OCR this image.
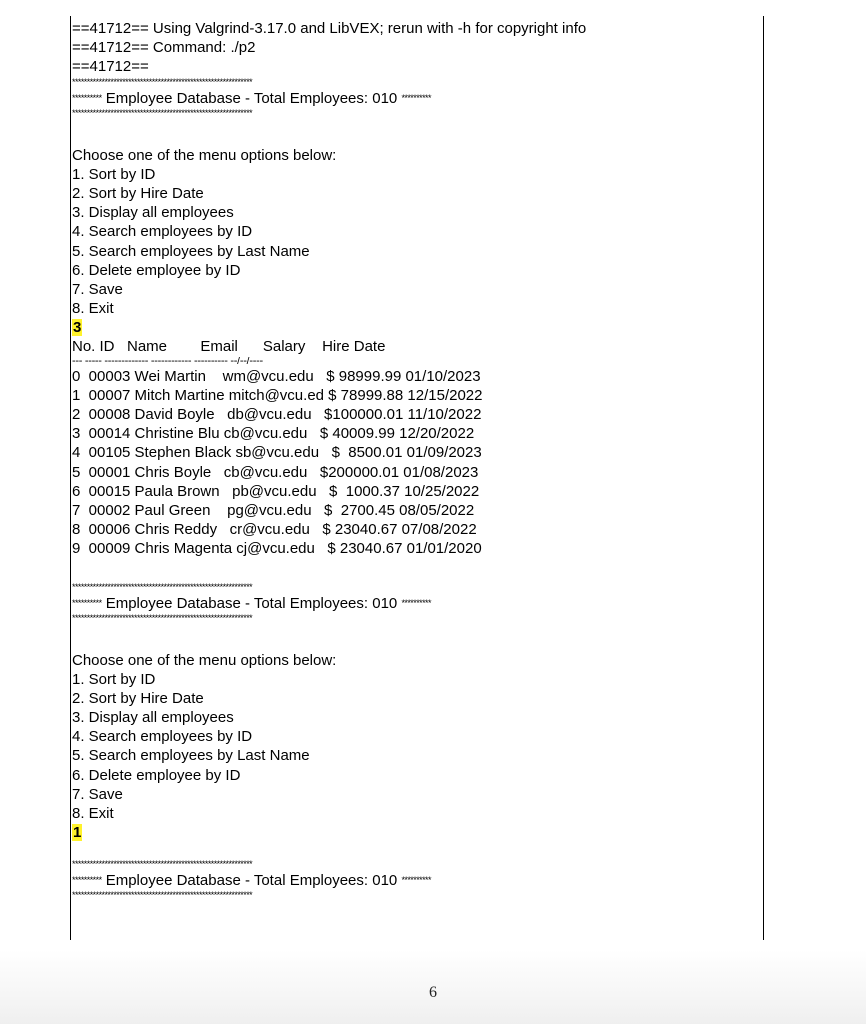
==41712== Using Valgrind-3.17.0 and LibVEX; rerun with -h for copyright info
==41712== Command: ./p2
==41712==
*************************************************************
********** Employee Database - Total Employees: 010 **********
*************************************************************
Choose one of the menu options below:
1. Sort by ID
2. Sort by Hire Date
3. Display all employees
4. Search employees by ID
5. Search employees by Last Name
6. Delete employee by ID
7. Save
8. Exit
3
No. ID   Name        Email      Salary    Hire Date
--- ----- ------------- ------------ ---------- --/--/----
0  00003 Wei Martin    wm@vcu.edu   $ 98999.99 01/10/2023
1  00007 Mitch Martine mitch@vcu.ed $ 78999.88 12/15/2022
2  00008 David Boyle   db@vcu.edu   $100000.01 11/10/2022
3  00014 Christine Blu cb@vcu.edu   $ 40009.99 12/20/2022
4  00105 Stephen Black sb@vcu.edu   $  8500.01 01/09/2023
5  00001 Chris Boyle   cb@vcu.edu   $200000.01 01/08/2023
6  00015 Paula Brown   pb@vcu.edu   $  1000.37 10/25/2022
7  00002 Paul Green    pg@vcu.edu   $  2700.45 08/05/2022
8  00006 Chris Reddy   cr@vcu.edu   $ 23040.67 07/08/2022
9  00009 Chris Magenta cj@vcu.edu   $ 23040.67 01/01/2020
*************************************************************
********** Employee Database - Total Employees: 010 **********
*************************************************************
Choose one of the menu options below:
1. Sort by ID
2. Sort by Hire Date
3. Display all employees
4. Search employees by ID
5. Search employees by Last Name
6. Delete employee by ID
7. Save
8. Exit
1
*************************************************************
********** Employee Database - Total Employees: 010 **********
*************************************************************
6
